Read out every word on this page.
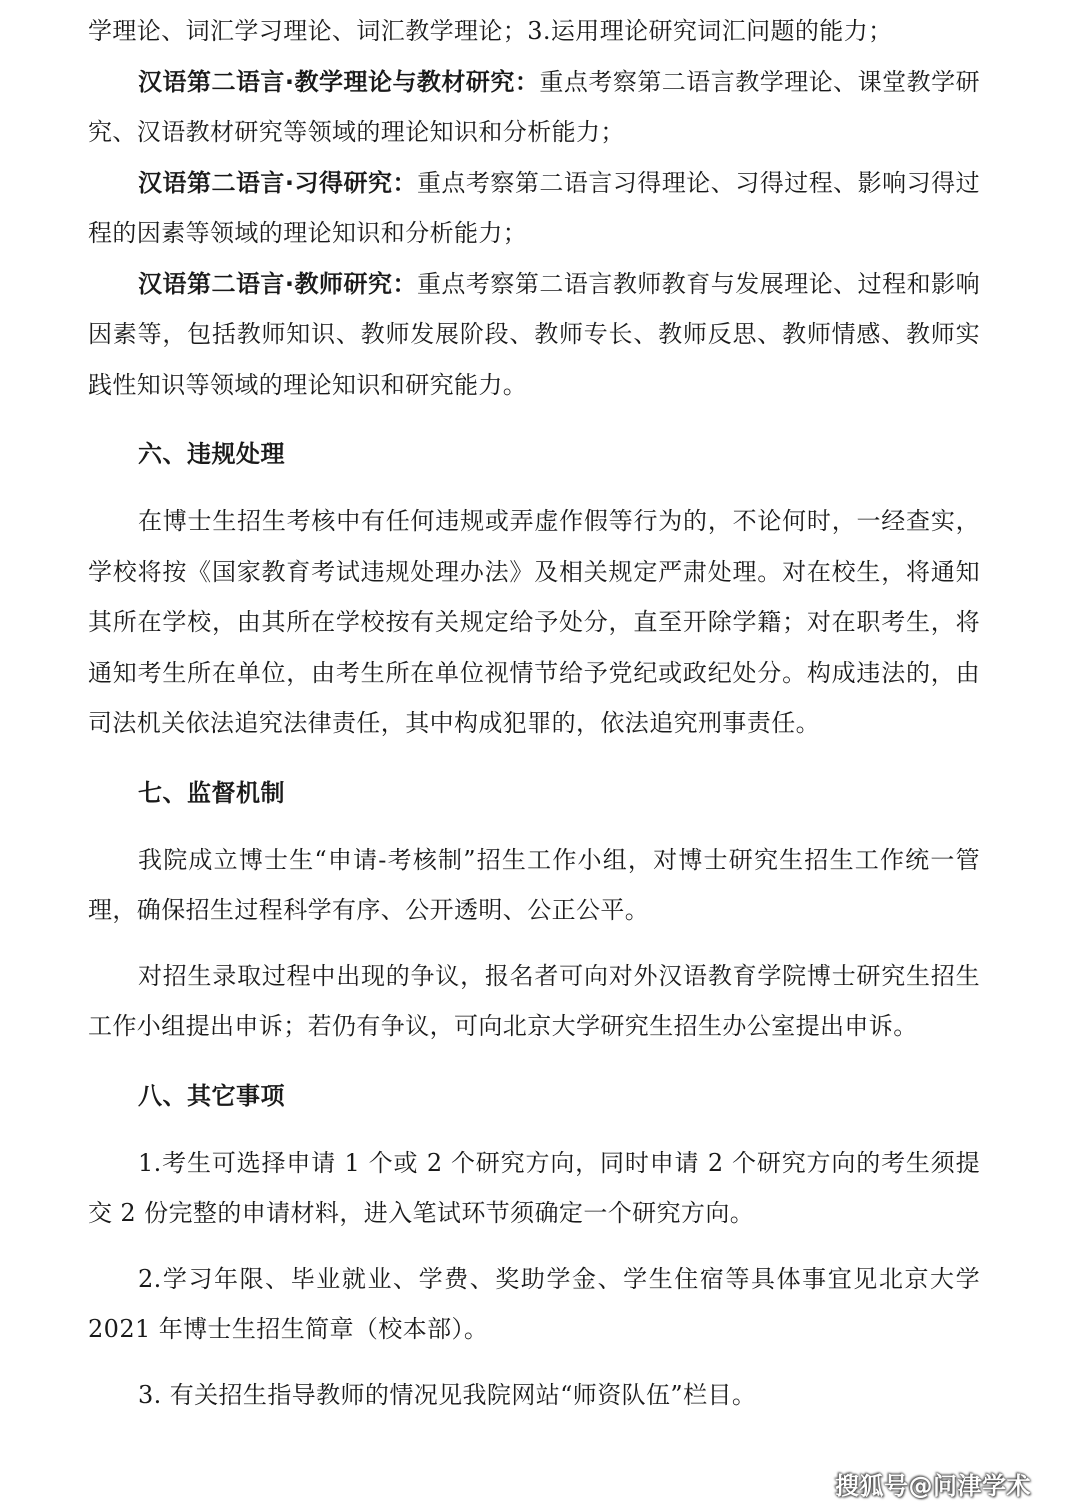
学理论、词汇学习理论、词汇教学理论；3.运用理论研究词汇问题的能力；

汉语第二语言·教学理论与教材研究：重点考察第二语言教学理论、课堂教学研究、汉语教材研究等领域的理论知识和分析能力；

汉语第二语言·习得研究：重点考察第二语言习得理论、习得过程、影响习得过程的因素等领域的理论知识和分析能力；

汉语第二语言·教师研究：重点考察第二语言教师教育与发展理论、过程和影响因素等，包括教师知识、教师发展阶段、教师专长、教师反思、教师情感、教师实践性知识等领域的理论知识和研究能力。

六、违规处理

在博士生招生考核中有任何违规或弄虚作假等行为的，不论何时，一经查实，学校将按《国家教育考试违规处理办法》及相关规定严肃处理。对在校生，将通知其所在学校，由其所在学校按有关规定给予处分，直至开除学籍；对在职考生，将通知考生所在单位，由考生所在单位视情节给予党纪或政纪处分。构成违法的，由司法机关依法追究法律责任，其中构成犯罪的，依法追究刑事责任。

七、监督机制

我院成立博士生“申请-考核制”招生工作小组，对博士研究生招生工作统一管理，确保招生过程科学有序、公开透明、公正公平。

对招生录取过程中出现的争议，报名者可向对外汉语教育学院博士研究生招生工作小组提出申诉；若仍有争议，可向北京大学研究生招生办公室提出申诉。

八、其它事项

1.考生可选择申请 1 个或 2 个研究方向，同时申请 2 个研究方向的考生须提交 2 份完整的申请材料，进入笔试环节须确定一个研究方向。

2.学习年限、毕业就业、学费、奖助学金、学生住宿等具体事宜见北京大学 2021 年博士生招生简章（校本部）。

3. 有关招生指导教师的情况见我院网站“师资队伍”栏目。

搜狐号@问津学术
